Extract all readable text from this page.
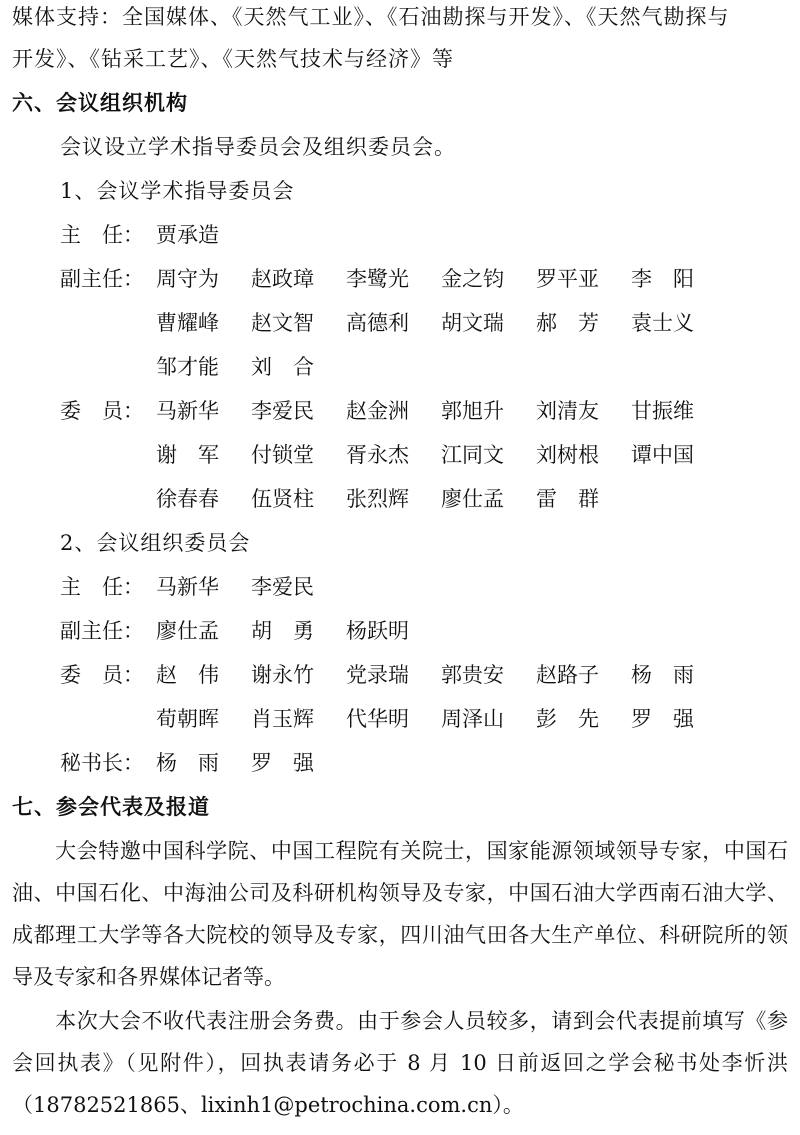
媒体支持：全国媒体、《天然气工业》、《石油勘探与开发》、《天然气勘探与
开发》、《钻采工艺》、《天然气技术与经济》等
六、会议组织机构
会议设立学术指导委员会及组织委员会。
1、会议学术指导委员会
主　任： 贾承造
副主任： 周守为 赵政璋 李鹭光 金之钧 罗平亚 李　阳
曹耀峰 赵文智 高德利 胡文瑞 郝　芳 袁士义
邹才能 刘　合
委　员： 马新华 李爱民 赵金洲 郭旭升 刘清友 甘振维
谢　军 付锁堂 胥永杰 江同文 刘树根 谭中国
徐春春 伍贤柱 张烈辉 廖仕孟 雷　群
2、会议组织委员会
主　任： 马新华 李爱民
副主任： 廖仕孟 胡　勇 杨跃明
委　员： 赵　伟 谢永竹 党录瑞 郭贵安 赵路子 杨　雨
荀朝晖 肖玉辉 代华明 周泽山 彭　先 罗　强
秘书长： 杨　雨 罗　强
七、参会代表及报道

　　大会特邀中国科学院、中国工程院有关院士，国家能源领域领导专家，中国石油、中国石化、中海油公司及科研机构领导及专家，中国石油大学西南石油大学、成都理工大学等各大院校的领导及专家，四川油气田各大生产单位、科研院所的领导及专家和各界媒体记者等。

　　本次大会不收代表注册会务费。由于参会人员较多，请到会代表提前填写《参会回执表》（见附件），回执表请务必于 8 月 10 日前返回之学会秘书处李忻洪（18782521865、lixinh1@petrochina.com.cn）。
